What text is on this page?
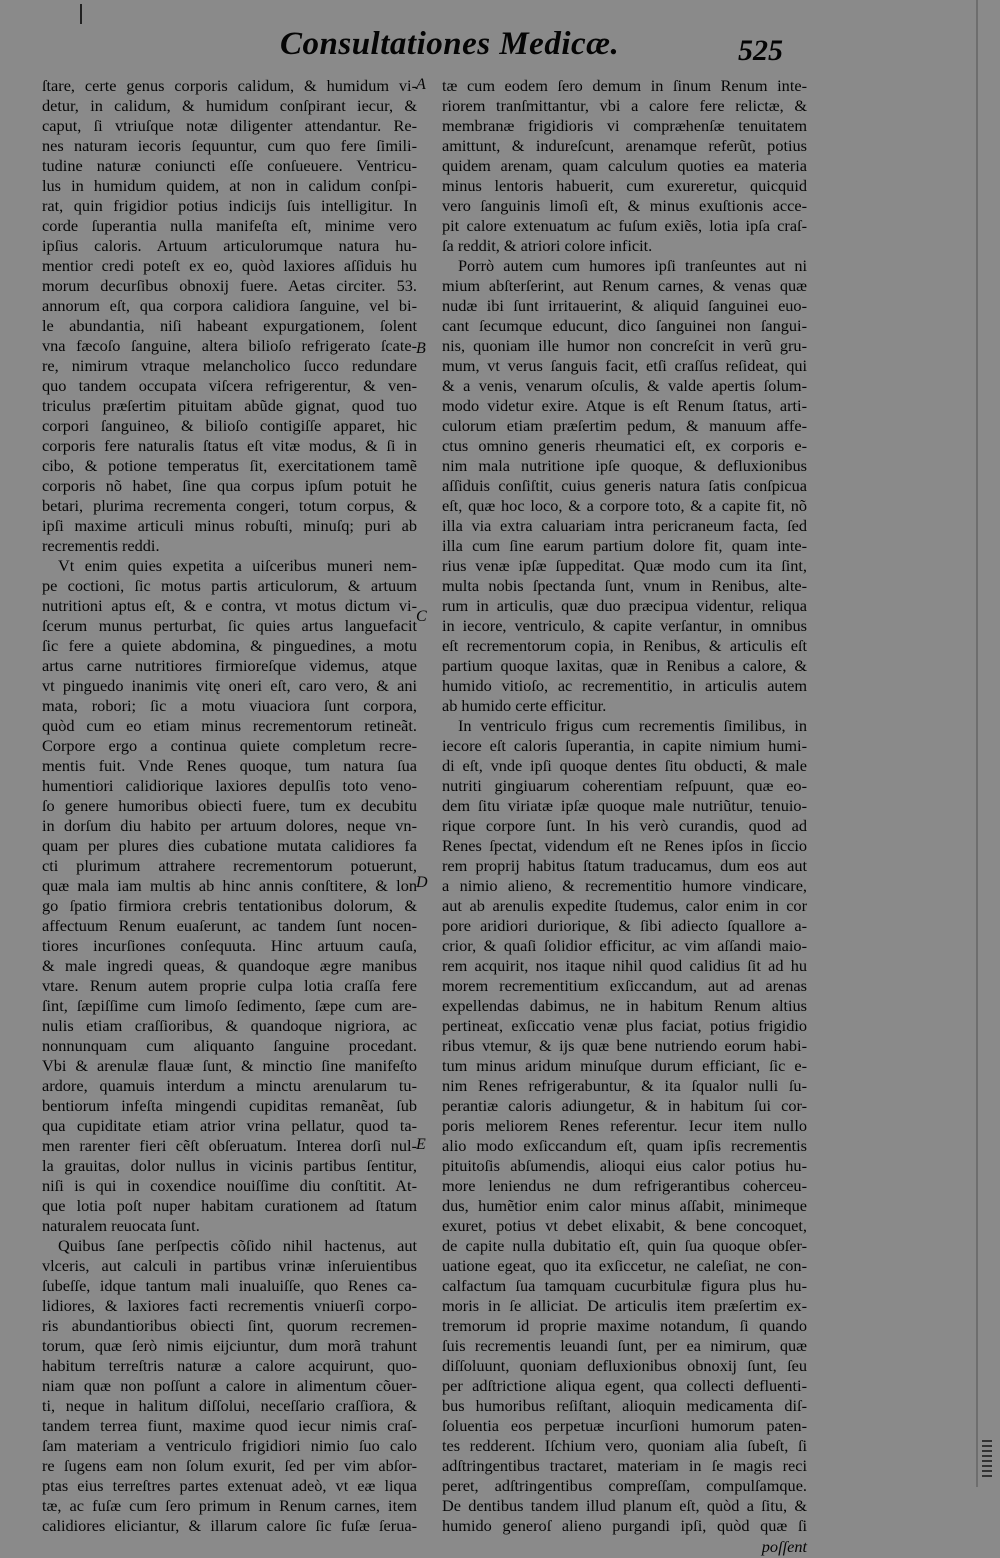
Consultationes Medicæ.	525
ſtare, certe genus corporis calidum, & humidum vi-
detur, in calidum, & humidum conſpirant iecur, &
caput, ſi vtriuſque notæ diligenter attendantur. Re-
nes naturam iecoris ſequuntur, cum quo fere ſimili-
tudine naturæ coniuncti eſſe conſueuere. Ventricu-
lus in humidum quidem, at non in calidum conſpi-
rat, quin frigidior potius indicijs ſuis intelligitur. In
corde ſuperantia nulla manifeſta eſt, minime vero
ipſius caloris. Artuum articulorumque natura hu-
mentior credi poteſt ex eo, quòd laxiores aſſiduis hu
morum decurſibus obnoxij fuere. Aetas circiter. 53.
annorum eſt, qua corpora calidiora ſanguine, vel bi-
le abundantia, niſi habeant expurgationem, ſolent
vna fæcoſo ſanguine, altera bilioſo refrigerato ſcate-
re, nimirum vtraque melancholico ſucco redundare
quo tandem occupata viſcera refrigerentur, & ven-
triculus præſertim pituitam abũde gignat, quod tuo
corpori ſanguineo, & bilioſo contigiſſe apparet, hic
corporis fere naturalis ſtatus eſt vitæ modus, & ſi in
cibo, & potione temperatus ſit, exercitationem tamẽ
corporis nõ habet, ſine qua corpus ipſum potuit he
betari, plurima recrementa congeri, totum corpus, &
ipſi maxime articuli minus robuſti, minuſq; puri ab
recrementis reddi.
Vt enim quies expetita a uiſceribus muneri nem-
pe coctioni, ſic motus partis articulorum, & artuum
nutritioni aptus eſt, & e contra, vt motus dictum vi-
ſcerum munus perturbat, ſic quies artus languefacit
ſic fere a quiete abdomina, & pinguedines, a motu
artus carne nutritiores firmioreſque videmus, atque
vt pinguedo inanimis vitę oneri eſt, caro vero, & ani
mata, robori; ſic a motu viuaciora ſunt corpora,
quòd cum eo etiam minus recrementorum retineãt.
Corpore ergo a continua quiete completum recre-
mentis fuit. Vnde Renes quoque, tum natura ſua
humentiori calidiorique laxiores depulſis toto veno-
ſo genere humoribus obiecti fuere, tum ex decubitu
in dorſum diu habito per artuum dolores, neque vn-
quam per plures dies cubatione mutata calidiores fa
cti plurimum attrahere recrementorum potuerunt,
quæ mala iam multis ab hinc annis conſtitere, & lon
go ſpatio firmiora crebris tentationibus dolorum, &
affectuum Renum euaſerunt, ac tandem ſunt nocen-
tiores incurſiones conſequuta. Hinc artuum cauſa,
& male ingredi queas, & quandoque ægre manibus
vtare. Renum autem proprie culpa lotia craſſa fere
ſint, ſæpiſſime cum limoſo ſedimento, ſæpe cum are-
nulis etiam craſſioribus, & quandoque nigriora, ac
nonnunquam cum aliquanto ſanguine procedant.
Vbi & arenulæ flauæ ſunt, & minctio ſine manifeſto
ardore, quamuis interdum a minctu arenularum tu-
bentiorum infeſta mingendi cupiditas remanẽat, ſub
qua cupiditate etiam atrior vrina pellatur, quod ta-
men rarenter fieri cẽſt obſeruatum. Interea dorſi nul-
la grauitas, dolor nullus in vicinis partibus ſentitur,
niſi is qui in coxendice nouiſſime diu conſtitit. At-
que lotia poſt nuper habitam curationem ad ſtatum
naturalem reuocata ſunt.
Quibus ſane perſpectis cõſido nihil hactenus, aut
vlceris, aut calculi in partibus vrinæ inſeruientibus
ſubeſſe, idque tantum mali inualuiſſe, quo Renes ca-
lidiores, & laxiores facti recrementis vniuerſi corpo-
ris abundantioribus obiecti ſint, quorum recremen-
torum, quæ ſerò nimis eijciuntur, dum morã trahunt
habitum terreſtris naturæ a calore acquirunt, quo-
niam quæ non poſſunt a calore in alimentum cõuer-
ti, neque in halitum diſſolui, neceſſario craſſiora, &
tandem terrea fiunt, maxime quod iecur nimis craſ-
ſam materiam a ventriculo frigidiori nimio ſuo calo
re ſugens eam non ſolum exurit, ſed per vim abſor-
ptas eius terreſtres partes extenuat adeò, vt eæ liqua
tæ, ac fuſæ cum ſero primum in Renum carnes, item
calidiores eliciantur, & illarum calore ſic fuſæ ſerua-
A
B
C
D
E
tæ cum eodem ſero demum in ſinum Renum inte-
riorem tranſmittantur, vbi a calore fere relictæ, &
membranæ frigidioris vi compræhenſæ tenuitatem
amittunt, & indureſcunt, arenamque referũt, potius
quidem arenam, quam calculum quoties ea materia
minus lentoris habuerit, cum exureretur, quicquid
vero ſanguinis limoſi eſt, & minus exuſtionis acce-
pit calore extenuatum ac fuſum exiẽs, lotia ipſa craſ-
ſa reddit, & atriori colore inficit.
Porrò autem cum humores ipſi tranſeuntes aut ni
mium abſterſerint, aut Renum carnes, & venas quæ
nudæ ibi ſunt irritauerint, & aliquid ſanguinei euo-
cant ſecumque educunt, dico ſanguinei non ſangui-
nis, quoniam ille humor non concreſcit in verũ gru-
mum, vt verus ſanguis facit, etſi craſſus reſideat, qui
& a venis, venarum oſculis, & valde apertis ſolum-
modo videtur exire. Atque is eſt Renum ſtatus, arti-
culorum etiam præſertim pedum, & manuum affe-
ctus omnino generis rheumatici eſt, ex corporis e-
nim mala nutritione ipſe quoque, & defluxionibus
aſſiduis conſiſtit, cuius generis natura ſatis conſpicua
eſt, quæ hoc loco, & a corpore toto, & a capite fit, nõ
illa via extra caluariam intra pericraneum facta, ſed
illa cum ſine earum partium dolore fit, quam inte-
rius venæ ipſæ ſuppeditat. Quæ modo cum ita ſint,
multa nobis ſpectanda ſunt, vnum in Renibus, alte-
rum in articulis, quæ duo præcipua videntur, reliqua
in iecore, ventriculo, & capite verſantur, in omnibus
eſt recrementorum copia, in Renibus, & articulis eſt
partium quoque laxitas, quæ in Renibus a calore, &
humido vitioſo, ac recrementitio, in articulis autem
ab humido certe efficitur.
In ventriculo frigus cum recrementis ſimilibus, in
iecore eſt caloris ſuperantia, in capite nimium humi-
di eſt, vnde ipſi quoque dentes ſitu obducti, & male
nutriti gingiuarum coherentiam reſpuunt, quæ eo-
dem ſitu viriatæ ipſæ quoque male nutriũtur, tenuio-
rique corpore ſunt. In his verò curandis, quod ad
Renes ſpectat, videndum eſt ne Renes ipſos in ſiccio
rem proprij habitus ſtatum traducamus, dum eos aut
a nimio alieno, & recrementitio humore vindicare,
aut ab arenulis expedite ſtudemus, calor enim in cor
pore aridiori duriorique, & ſibi adiecto ſquallore a-
crior, & quaſi ſolidior efficitur, ac vim aſſandi maio-
rem acquirit, nos itaque nihil quod calidius ſit ad hu
morem recrementitium exſiccandum, aut ad arenas
expellendas dabimus, ne in habitum Renum altius
pertineat, exſiccatio venæ plus faciat, potius frigidio
ribus vtemur, & ijs quæ bene nutriendo eorum habi-
tum minus aridum minuſque durum efficiant, ſic e-
nim Renes refrigerabuntur, & ita ſqualor nulli ſu-
perantiæ caloris adiungetur, & in habitum ſui cor-
poris meliorem Renes referentur. Iecur item nullo
alio modo exſiccandum eſt, quam ipſis recrementis
pituitoſis abſumendis, alioqui eius calor potius hu-
more leniendus ne dum refrigerantibus coherceu-
dus, humẽtior enim calor minus aſſabit, minimeque
exuret, potius vt debet elixabit, & bene concoquet,
de capite nulla dubitatio eſt, quin ſua quoque obſer-
uatione egeat, quo ita exſiccetur, ne caleſiat, ne con-
calfactum ſua tamquam cucurbitulæ figura plus hu-
moris in ſe alliciat. De articulis item præſertim ex-
tremorum id proprie maxime notandum, ſi quando
ſuis recrementis leuandi ſunt, per ea nimirum, quæ
diſſoluunt, quoniam defluxionibus obnoxij ſunt, ſeu
per adſtrictione aliqua egent, qua collecti defluenti-
bus humoribus reſiſtant, alioquin medicamenta diſ-
ſoluentia eos perpetuæ incurſioni humorum paten-
tes redderent. Iſchium vero, quoniam alia ſubeſt, ſi
adſtringentibus tractaret, materiam in ſe magis reci
peret, adſtringentibus compreſſam, compulſamque.
De dentibus tandem illud planum eſt, quòd a ſitu, &
humido generoſ alieno purgandi ipſi, quòd quæ ſi
poſſent
